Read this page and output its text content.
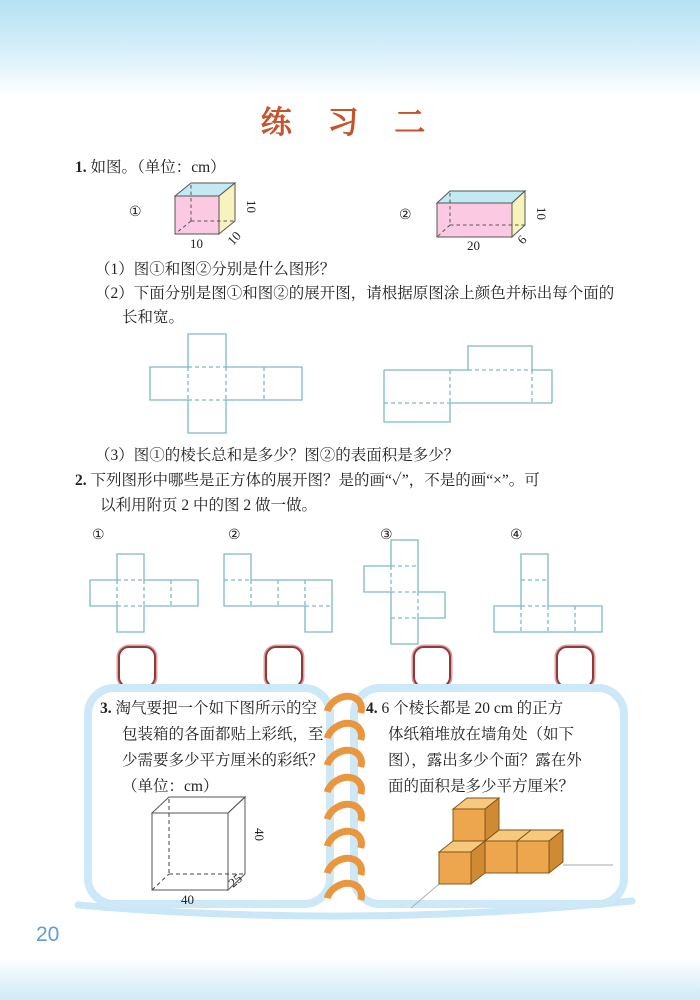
练 习 二
1. 如图。（单位：cm）
①
10 10
10
②
20	6
10
（1）图①和图②分别是什么图形？
（2）下面分别是图①和图②的展开图，请根据原图涂上颜色并标出每个面的
长和宽。
（3）图①的棱长总和是多少？图②的表面积是多少？
2. 下列图形中哪些是正方体的展开图？是的画“✓”，不是的画“×”。可
以利用附页 2 中的图 2 做一做。
①	②	③	④
3. 淘气要把一个如下图所示的空
包装箱的各面都贴上彩纸，至
少需要多少平方厘米的彩纸？
（单位：cm）
40
40
25
4. 6 个棱长都是 20 cm 的正方
体纸箱堆放在墙角处（如下
图），露出多少个面？露在外
面的面积是多少平方厘米？
20
